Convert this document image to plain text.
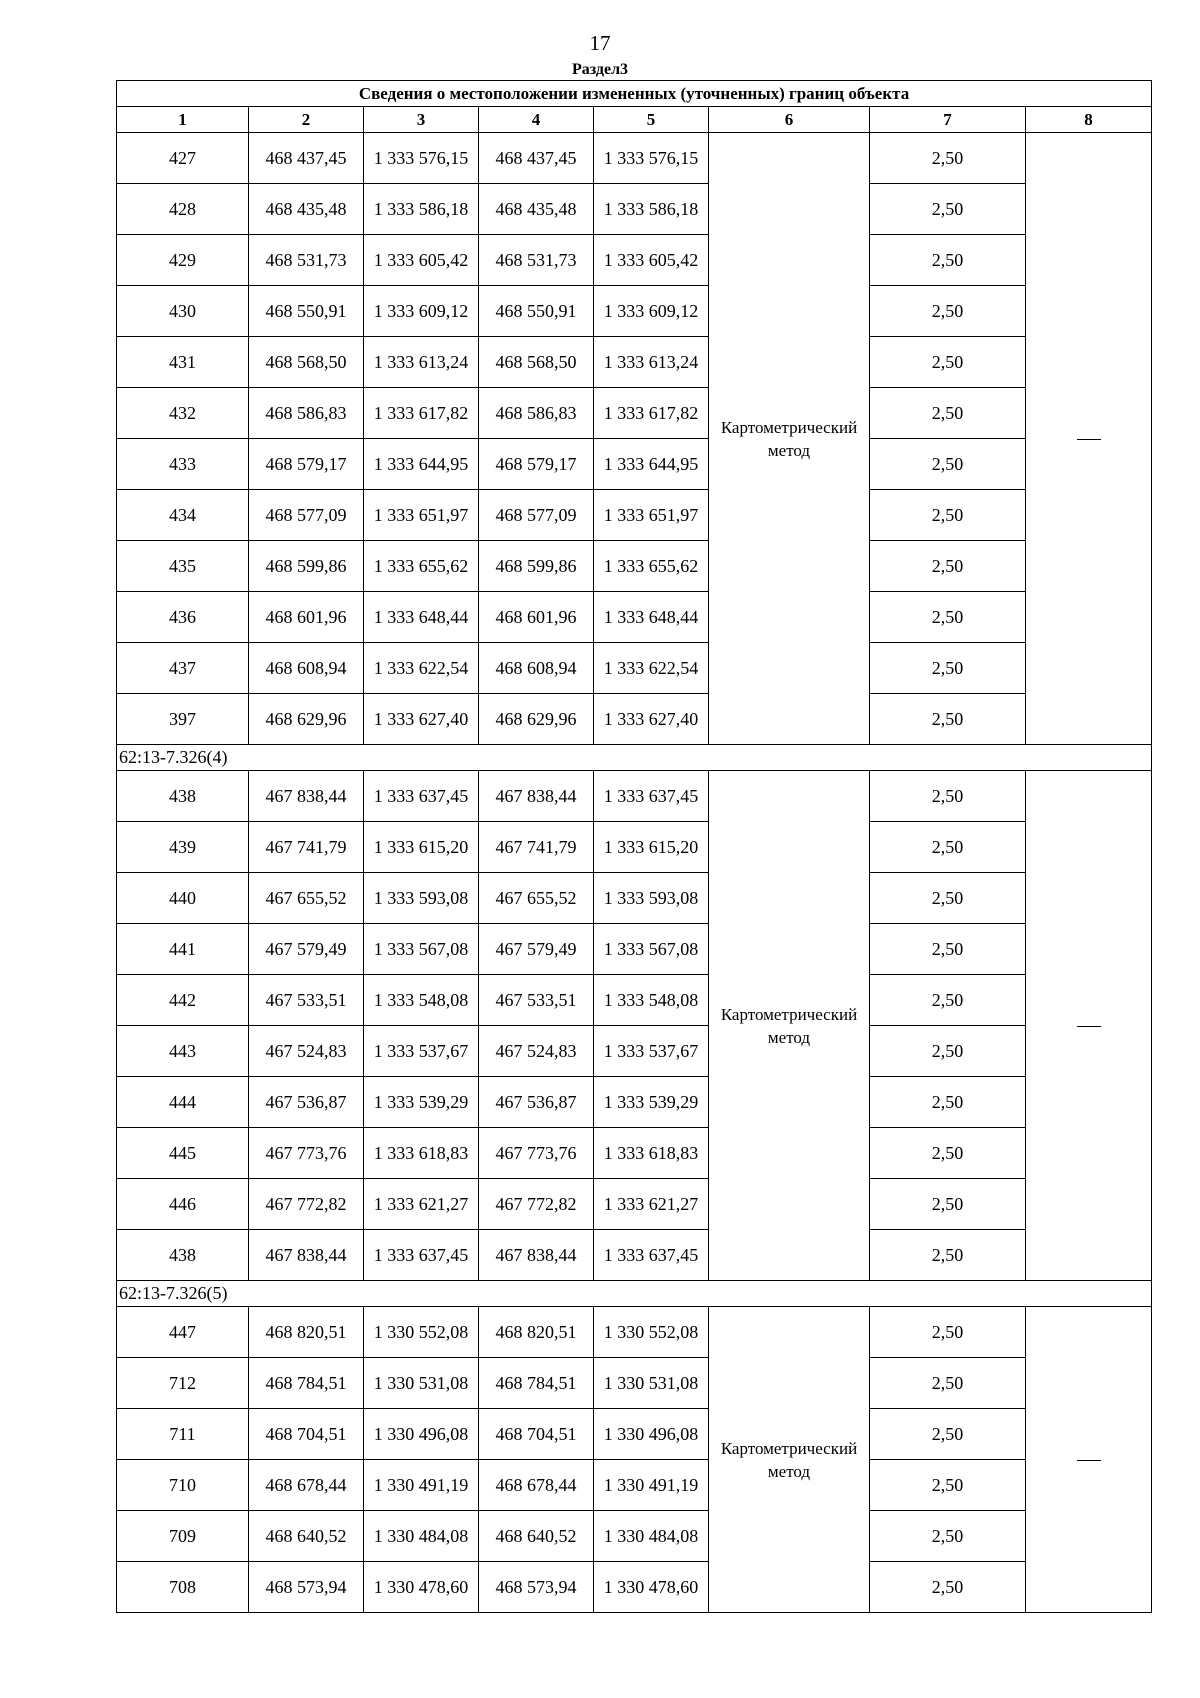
17
Раздел3
Сведения о местоположении измененных (уточненных) границ объекта							
1	2	3	4	5	6	7	8
427	468 437,45	1 333 576,15	468 437,45	1 333 576,15	Картометрический метод	2,50	
428	468 435,48	1 333 586,18	468 435,48	1 333 586,18		2,50	
429	468 531,73	1 333 605,42	468 531,73	1 333 605,42		2,50	
430	468 550,91	1 333 609,12	468 550,91	1 333 609,12		2,50	
431	468 568,50	1 333 613,24	468 568,50	1 333 613,24		2,50	
432	468 586,83	1 333 617,82	468 586,83	1 333 617,82		2,50	
433	468 579,17	1 333 644,95	468 579,17	1 333 644,95		2,50	
434	468 577,09	1 333 651,97	468 577,09	1 333 651,97		2,50	
435	468 599,86	1 333 655,62	468 599,86	1 333 655,62		2,50	
436	468 601,96	1 333 648,44	468 601,96	1 333 648,44		2,50	
437	468 608,94	1 333 622,54	468 608,94	1 333 622,54		2,50	
397	468 629,96	1 333 627,40	468 629,96	1 333 627,40		2,50	
62:13-7.326(4)							
438	467 838,44	1 333 637,45	467 838,44	1 333 637,45	Картометрический метод	2,50	
439	467 741,79	1 333 615,20	467 741,79	1 333 615,20		2,50	
440	467 655,52	1 333 593,08	467 655,52	1 333 593,08		2,50	
441	467 579,49	1 333 567,08	467 579,49	1 333 567,08		2,50	
442	467 533,51	1 333 548,08	467 533,51	1 333 548,08		2,50	
443	467 524,83	1 333 537,67	467 524,83	1 333 537,67		2,50	
444	467 536,87	1 333 539,29	467 536,87	1 333 539,29		2,50	
445	467 773,76	1 333 618,83	467 773,76	1 333 618,83		2,50	
446	467 772,82	1 333 621,27	467 772,82	1 333 621,27		2,50	
438	467 838,44	1 333 637,45	467 838,44	1 333 637,45		2,50	
62:13-7.326(5)							
447	468 820,51	1 330 552,08	468 820,51	1 330 552,08	Картометрический метод	2,50	
712	468 784,51	1 330 531,08	468 784,51	1 330 531,08		2,50	
711	468 704,51	1 330 496,08	468 704,51	1 330 496,08		2,50	
710	468 678,44	1 330 491,19	468 678,44	1 330 491,19		2,50	
709	468 640,52	1 330 484,08	468 640,52	1 330 484,08		2,50	
708	468 573,94	1 330 478,60	468 573,94	1 330 478,60		2,50	
